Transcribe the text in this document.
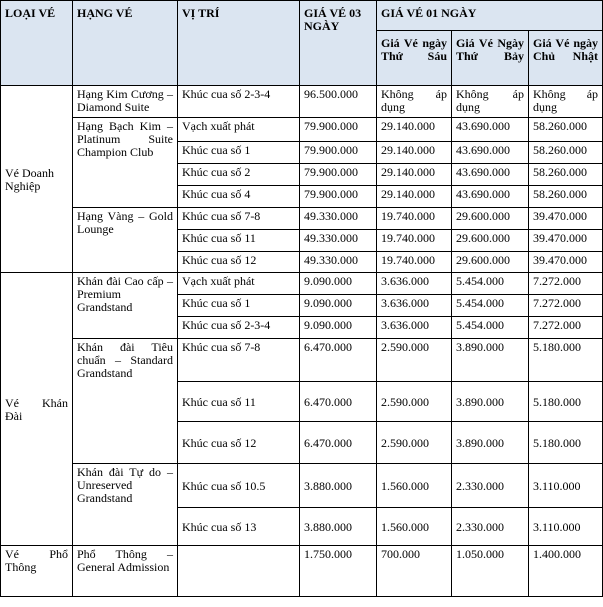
LOẠI VÉ	HẠNG VÉ	VỊ TRÍ	GIÁ VÉ 03 NGÀY	GIÁ VÉ 01 NGÀY		
				Giá Vé ngày Thứ Sáu	Giá Vé Ngày Thứ Bảy	Giá Vé ngày Chủ Nhật
Vé Doanh Nghiệp	Hạng Kim Cương – Diamond Suite	Khúc cua số 2-3-4	96.500.000	Không áp dụng	Không áp dụng	Không áp dụng
	Hạng Bạch Kim – Platinum Suite Champion Club	Vạch xuất phát	79.900.000	29.140.000	43.690.000	58.260.000
		Khúc cua số 1	79.900.000	29.140.000	43.690.000	58.260.000
		Khúc cua số 2	79.900.000	29.140.000	43.690.000	58.260.000
		Khúc cua số 4	79.900.000	29.140.000	43.690.000	58.260.000
	Hạng Vàng – Gold Lounge	Khúc cua số 7-8	49.330.000	19.740.000	29.600.000	39.470.000
		Khúc cua số 11	49.330.000	19.740.000	29.600.000	39.470.000
		Khúc cua số 12	49.330.000	19.740.000	29.600.000	39.470.000
Vé Khán Đài	Khán đài Cao cấp – Premium Grandstand	Vạch xuất phát	9.090.000	3.636.000	5.454.000	7.272.000
		Khúc cua số 1	9.090.000	3.636.000	5.454.000	7.272.000
		Khúc cua số 2-3-4	9.090.000	3.636.000	5.454.000	7.272.000
	Khán đài Tiêu chuẩn – Standard Grandstand	Khúc cua số 7-8	6.470.000	2.590.000	3.890.000	5.180.000
		Khúc cua số 11	6.470.000	2.590.000	3.890.000	5.180.000
		Khúc cua số 12	6.470.000	2.590.000	3.890.000	5.180.000
	Khán đài Tự do – Unreserved Grandstand	Khúc cua số 10.5	3.880.000	1.560.000	2.330.000	3.110.000
		Khúc cua số 13	3.880.000	1.560.000	2.330.000	3.110.000
Vé Phổ Thông	Phổ Thông – General Admission		1.750.000	700.000	1.050.000	1.400.000
